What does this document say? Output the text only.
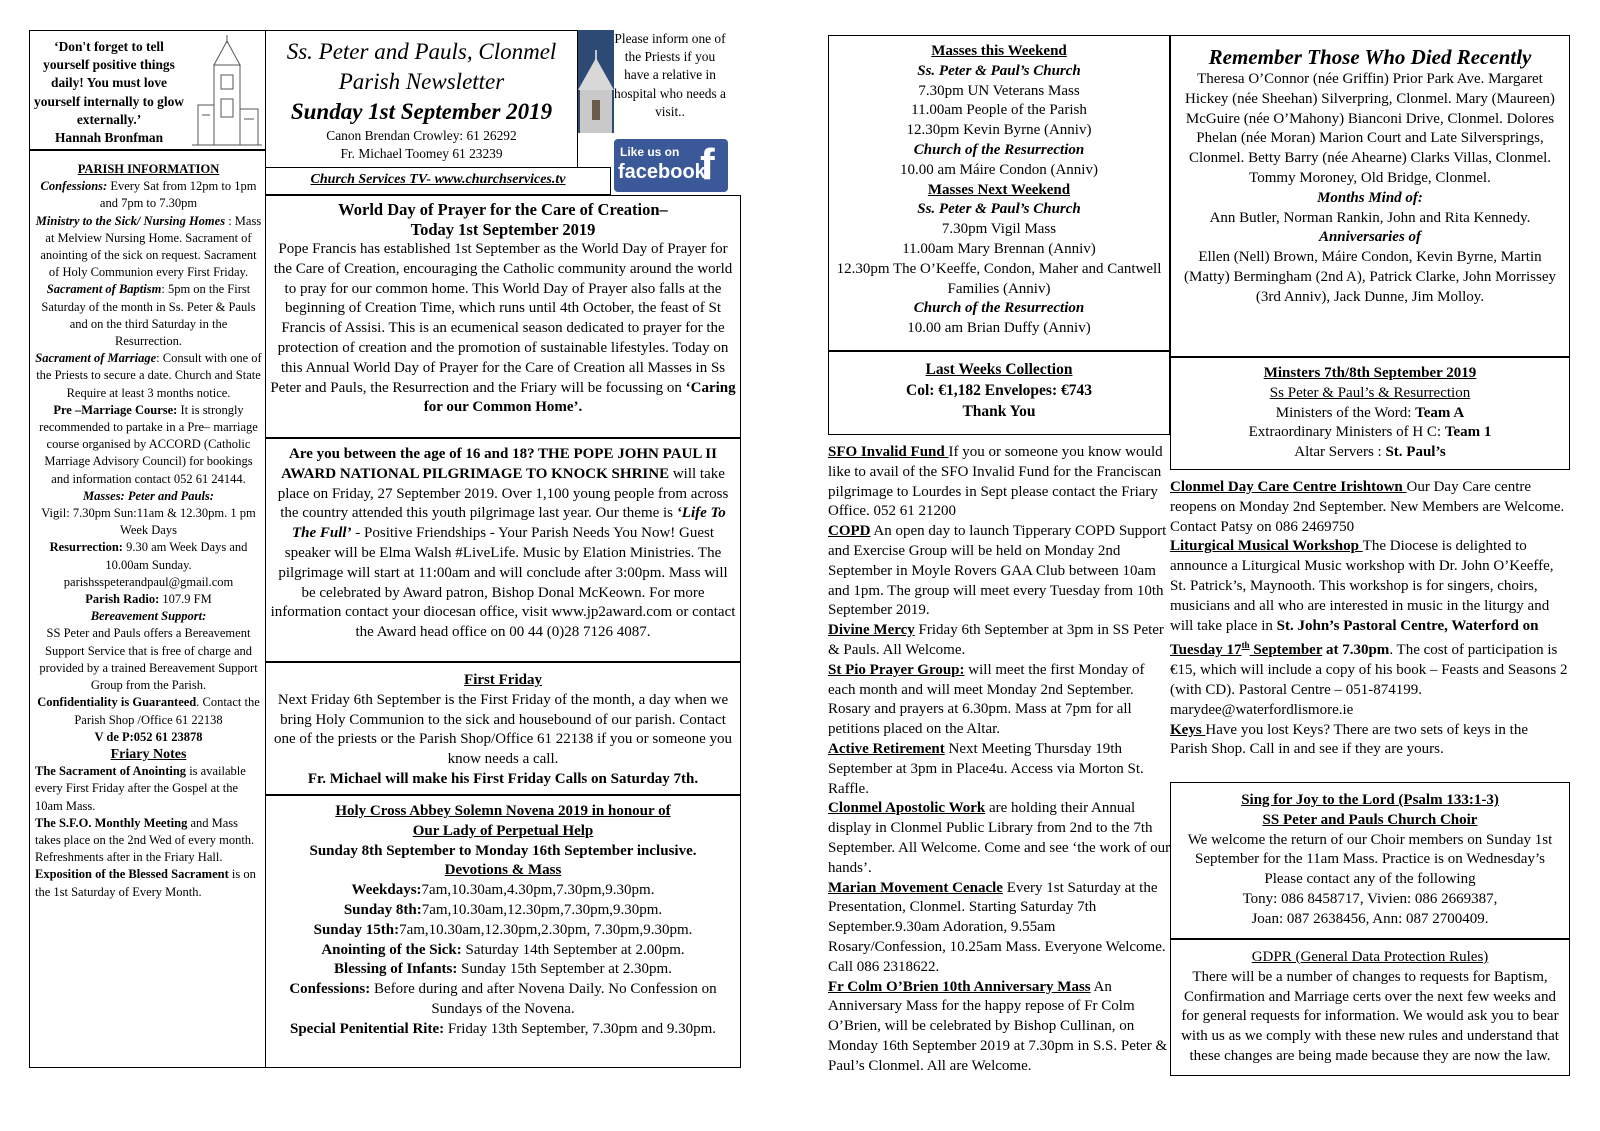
‘Don't forget to tell yourself positive things daily! You must love yourself internally to glow externally.’
Hannah Bronfman

PARISH INFORMATION

Confessions: Every Sat from 12pm to 1pm and 7pm to 7.30pm

Ministry to the Sick/ Nursing Homes : Mass at Melview Nursing Home. Sacrament of anointing of the sick on request. Sacrament of Holy Communion every First Friday.

Sacrament of Baptism: 5pm on the First Saturday of the month in Ss. Peter & Pauls and on the third Saturday in the Resurrection.

Sacrament of Marriage: Consult with one of the Priests to secure a date. Church and State Require at least 3 months notice.

Pre –Marriage Course: It is strongly recommended to partake in a Pre– marriage course organised by ACCORD (Catholic Marriage Advisory Council) for bookings and information contact 052 61 24144.

Masses: Peter and Pauls:

Vigil: 7.30pm Sun:11am & 12.30pm. 1 pm Week Days

Resurrection: 9.30 am Week Days and 10.00am Sunday.

parishsspeterandpaul@gmail.com

Parish Radio: 107.9 FM

Bereavement Support:

SS Peter and Pauls offers a Bereavement Support Service that is free of charge and provided by a trained Bereavement Support Group from the Parish.

Confidentiality is Guaranteed. Contact the Parish Shop /Office 61 22138

V de P:052 61 23878

Friary Notes

The Sacrament of Anointing is available every First Friday after the Gospel at the 10am Mass.

The S.F.O. Monthly Meeting and Mass takes place on the 2nd Wed of every month. Refreshments after in the Friary Hall.

Exposition of the Blessed Sacrament is on the 1st Saturday of Every Month.

Ss. Peter and Pauls, Clonmel

Parish Newsletter

Sunday 1st September 2019

Canon Brendan Crowley: 61 26292

Fr. Michael Toomey 61 23239

Please inform one of the Priests if you have a relative in hospital who needs a visit..

Like us on
facebook
f

Church Services TV- www.churchservices.tv

World Day of Prayer for the Care of Creation–

Today 1st September 2019

Pope Francis has established 1st September as the World Day of Prayer for the Care of Creation, encouraging the Catholic community around the world to pray for our common home. This World Day of Prayer also falls at the beginning of Creation Time, which runs until 4th October, the feast of St Francis of Assisi. This is an ecumenical season dedicated to prayer for the protection of creation and the promotion of sustainable lifestyles. Today on this Annual World Day of Prayer for the Care of Creation all Masses in Ss Peter and Pauls, the Resurrection and the Friary will be focussing on ‘Caring for our Common Home’.

Are you between the age of 16 and 18? THE POPE JOHN PAUL II AWARD NATIONAL PILGRIMAGE TO KNOCK SHRINE will take place on Friday, 27 September 2019. Over 1,100 young people from across the country attended this youth pilgrimage last year. Our theme is ‘Life To The Full’ - Positive Friendships - Your Parish Needs You Now! Guest speaker will be Elma Walsh #LiveLife. Music by Elation Ministries. The pilgrimage will start at 11:00am and will conclude after 3:00pm. Mass will be celebrated by Award patron, Bishop Donal McKeown. For more information contact your diocesan office, visit www.jp2award.com or contact the Award head office on 00 44 (0)28 7126 4087.

First Friday

Next Friday 6th September is the First Friday of the month, a day when we bring Holy Communion to the sick and housebound of our parish. Contact one of the priests or the Parish Shop/Office 61 22138 if you or someone you know needs a call.

Fr. Michael will make his First Friday Calls on Saturday 7th.

Holy Cross Abbey Solemn Novena 2019 in honour of

Our Lady of Perpetual Help

Sunday 8th September to Monday 16th September inclusive.

Devotions & Mass

Weekdays:7am,10.30am,4.30pm,7.30pm,9.30pm.

Sunday 8th:7am,10.30am,12.30pm,7.30pm,9.30pm.

Sunday 15th:7am,10.30am,12.30pm,2.30pm, 7.30pm,9.30pm.

Anointing of the Sick: Saturday 14th September at 2.00pm.

Blessing of Infants: Sunday 15th September at 2.30pm.

Confessions: Before during and after Novena Daily. No Confession on Sundays of the Novena.

Special Penitential Rite: Friday 13th September, 7.30pm and 9.30pm.

Masses this Weekend

Ss. Peter & Paul’s Church

7.30pm UN Veterans Mass

11.00am People of the Parish

12.30pm Kevin Byrne (Anniv)

Church of the Resurrection

10.00 am Máire Condon (Anniv)

Masses Next Weekend

Ss. Peter & Paul’s Church

7.30pm Vigil Mass

11.00am Mary Brennan (Anniv)

12.30pm The O’Keeffe, Condon, Maher and Cantwell Families (Anniv)

Church of the Resurrection

10.00 am Brian Duffy (Anniv)

Last Weeks Collection

Col: €1,182 Envelopes: €743

Thank You

SFO Invalid Fund If you or someone you know would like to avail of the SFO Invalid Fund for the Franciscan pilgrimage to Lourdes in Sept please contact the Friary Office. 052 61 21200

COPD An open day to launch Tipperary COPD Support and Exercise Group will be held on Monday 2nd September in Moyle Rovers GAA Club between 10am and 1pm. The group will meet every Tuesday from 10th September 2019.

Divine Mercy Friday 6th September at 3pm in SS Peter & Pauls. All Welcome.

St Pio Prayer Group: will meet the first Monday of each month and will meet Monday 2nd September. Rosary and prayers at 6.30pm. Mass at 7pm for all petitions placed on the Altar.

Active Retirement Next Meeting Thursday 19th September at 3pm in Place4u. Access via Morton St. Raffle.

Clonmel Apostolic Work are holding their Annual display in Clonmel Public Library from 2nd to the 7th September. All Welcome. Come and see ‘the work of our hands’.

Marian Movement Cenacle Every 1st Saturday at the Presentation, Clonmel. Starting Saturday 7th September.9.30am Adoration, 9.55am Rosary/Confession, 10.25am Mass. Everyone Welcome. Call 086 2318622.

Fr Colm O’Brien 10th Anniversary Mass An Anniversary Mass for the happy repose of Fr Colm O’Brien, will be celebrated by Bishop Cullinan, on Monday 16th September 2019 at 7.30pm in S.S. Peter & Paul’s Clonmel. All are Welcome.

Remember Those Who Died Recently

Theresa O’Connor (née Griffin) Prior Park Ave. Margaret Hickey (née Sheehan) Silverpring, Clonmel. Mary (Maureen) McGuire (née O’Mahony) Bianconi Drive, Clonmel. Dolores Phelan (née Moran) Marion Court and Late Silversprings, Clonmel. Betty Barry (née Ahearne) Clarks Villas, Clonmel. Tommy Moroney, Old Bridge, Clonmel.

Months Mind of:

Ann Butler, Norman Rankin, John and Rita Kennedy.

Anniversaries of

Ellen (Nell) Brown, Máire Condon, Kevin Byrne, Martin (Matty) Bermingham (2nd A), Patrick Clarke, John Morrissey (3rd Anniv), Jack Dunne, Jim Molloy.

Minsters 7th/8th September 2019

Ss Peter & Paul’s & Resurrection

Ministers of the Word: Team A

Extraordinary Ministers of H C: Team 1

Altar Servers : St. Paul’s

Clonmel Day Care Centre Irishtown Our Day Care centre reopens on Monday 2nd September. New Members are Welcome. Contact Patsy on 086 2469750

Liturgical Musical Workshop The Diocese is delighted to announce a Liturgical Music workshop with Dr. John O’Keeffe, St. Patrick’s, Maynooth. This workshop is for singers, choirs, musicians and all who are interested in music in the liturgy and will take place in St. John’s Pastoral Centre, Waterford on Tuesday 17th September at 7.30pm. The cost of participation is €15, which will include a copy of his book – Feasts and Seasons 2 (with CD). Pastoral Centre – 051-874199. marydee@waterfordlismore.ie

Keys Have you lost Keys? There are two sets of keys in the Parish Shop. Call in and see if they are yours.

Sing for Joy to the Lord (Psalm 133:1-3)

SS Peter and Pauls Church Choir

We welcome the return of our Choir members on Sunday 1st September for the 11am Mass. Practice is on Wednesday’s Please contact any of the following

Tony: 086 8458717, Vivien: 086 2669387,

Joan: 087 2638456, Ann: 087 2700409.

GDPR (General Data Protection Rules)

There will be a number of changes to requests for Baptism, Confirmation and Marriage certs over the next few weeks and for general requests for information. We would ask you to bear with us as we comply with these new rules and understand that these changes are being made because they are now the law.
